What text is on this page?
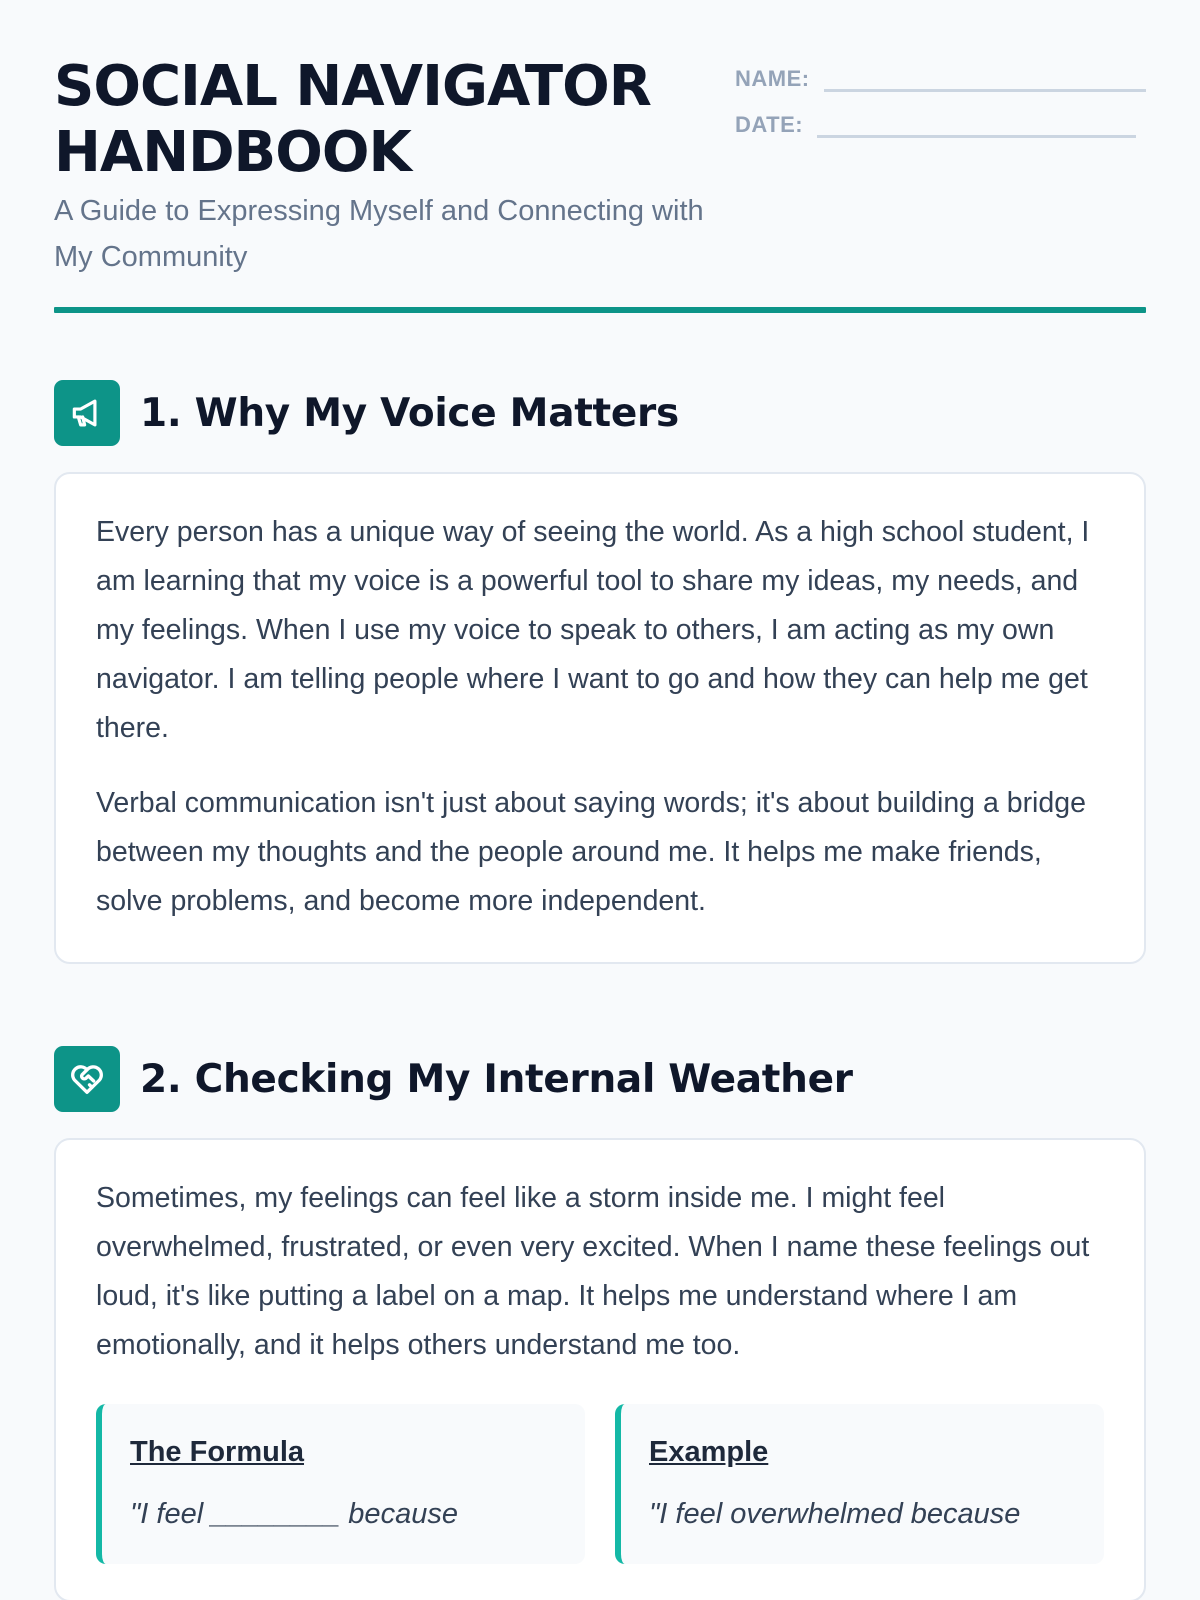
SOCIAL NAVIGATOR
HANDBOOK
A Guide to Expressing Myself and Connecting with My Community
NAME:
DATE:
1. Why My Voice Matters

Every person has a unique way of seeing the world. As a high school student, I am learning that my voice is a powerful tool to share my ideas, my needs, and my feelings. When I use my voice to speak to others, I am acting as my own navigator. I am telling people where I want to go and how they can help me get there.

Verbal communication isn't just about saying words; it's about building a bridge between my thoughts and the people around me. It helps me make friends, solve problems, and become more independent.

2. Checking My Internal Weather

Sometimes, my feelings can feel like a storm inside me. I might feel overwhelmed, frustrated, or even very excited. When I name these feelings out loud, it's like putting a label on a map. It helps me understand where I am emotionally, and it helps others understand me too.

The Formula
"I feel ________ because
Example
"I feel overwhelmed because
